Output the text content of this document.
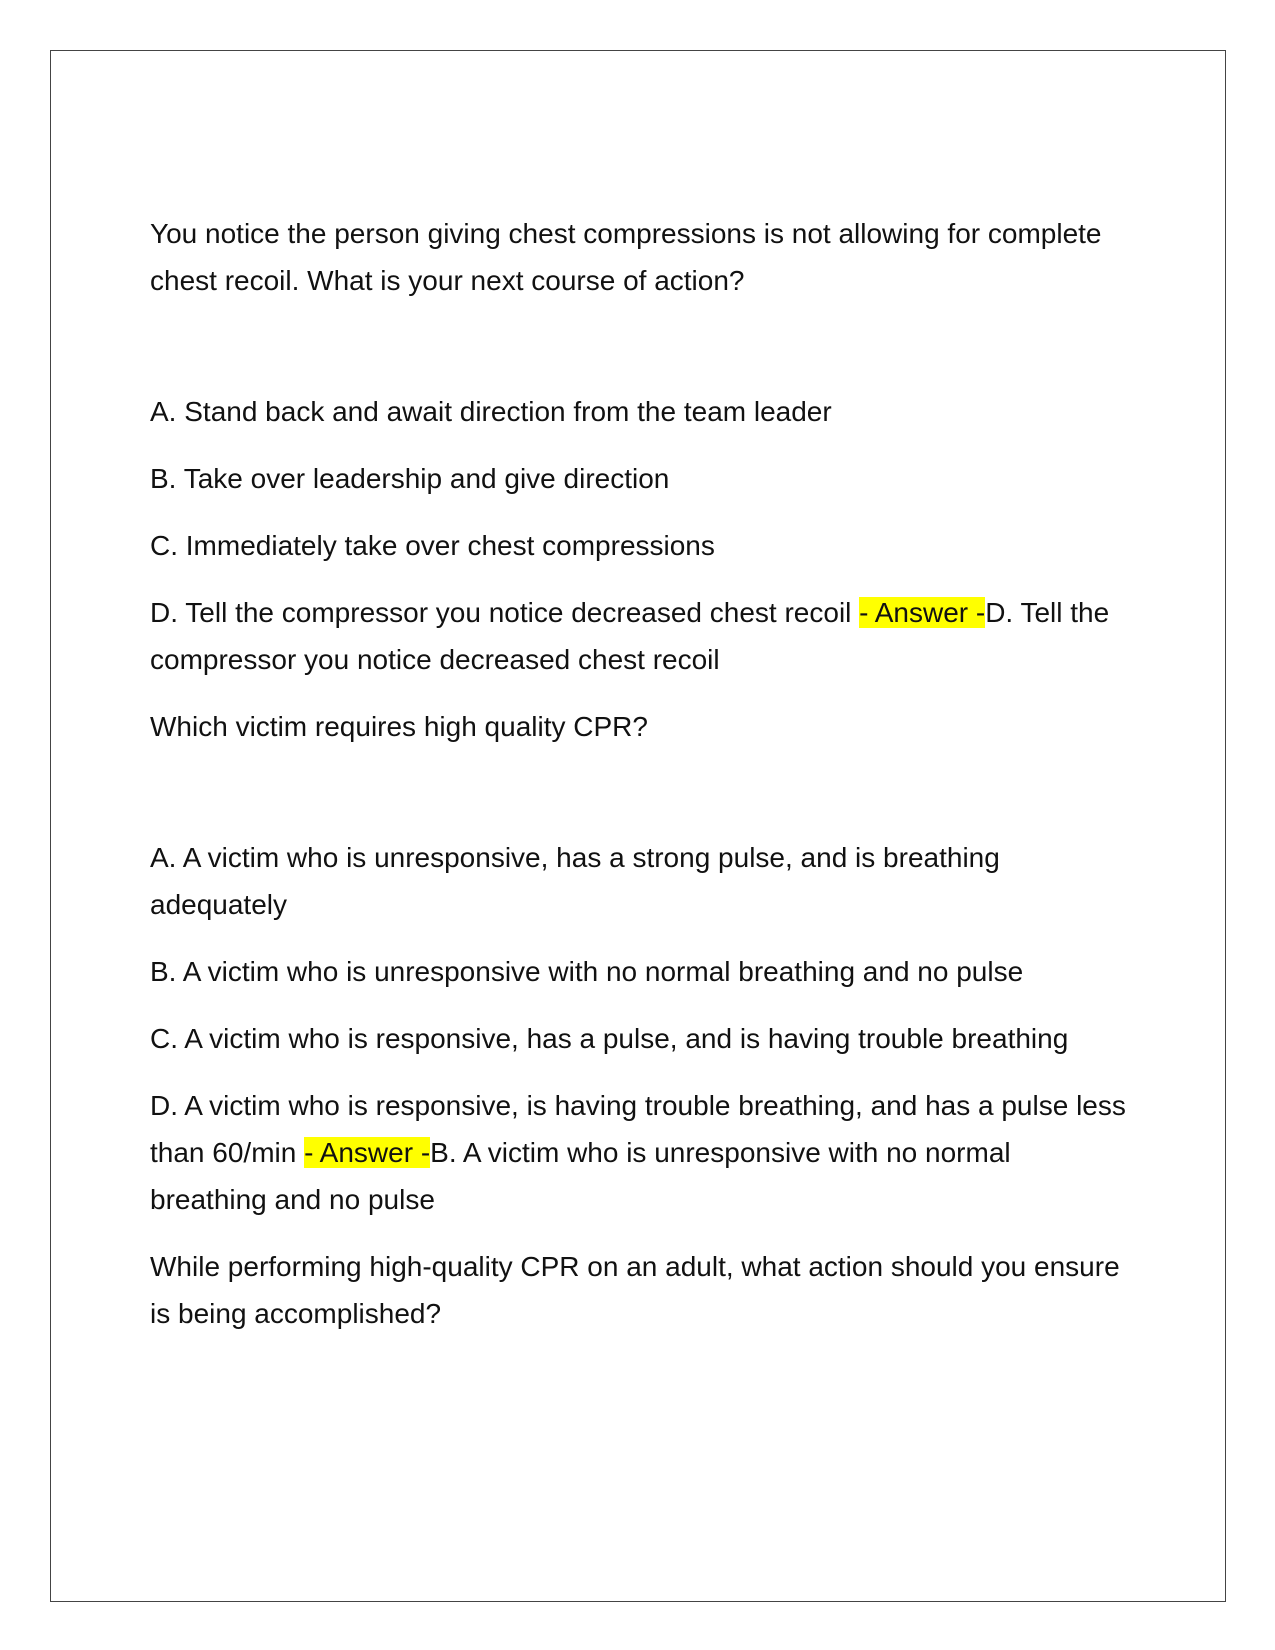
You notice the person giving chest compressions is not allowing for complete chest recoil. What is your next course of action?

A. Stand back and await direction from the team leader

B. Take over leadership and give direction

C. Immediately take over chest compressions

D. Tell the compressor you notice decreased chest recoil - Answer -D. Tell the compressor you notice decreased chest recoil

Which victim requires high quality CPR?

A. A victim who is unresponsive, has a strong pulse, and is breathing adequately

B. A victim who is unresponsive with no normal breathing and no pulse

C. A victim who is responsive, has a pulse, and is having trouble breathing

D. A victim who is responsive, is having trouble breathing, and has a pulse less than 60/min - Answer -B. A victim who is unresponsive with no normal breathing and no pulse

While performing high-quality CPR on an adult, what action should you ensure is being accomplished?
